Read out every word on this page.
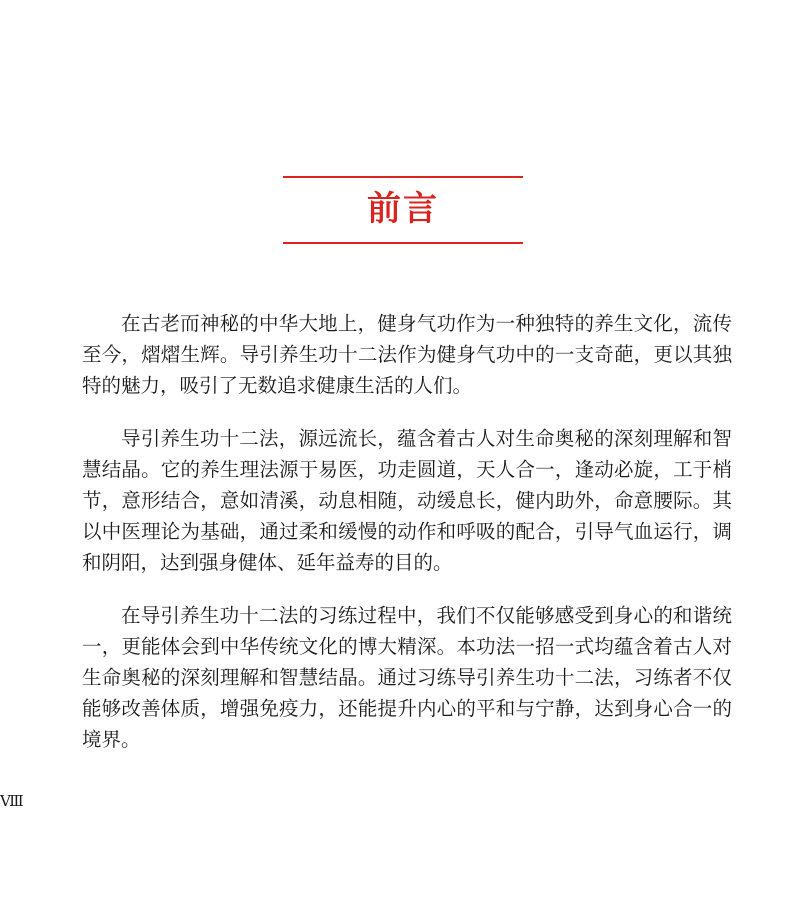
前言

在古老而神秘的中华大地上，健身气功作为一种独特的养生文化，流传至今，熠熠生辉。导引养生功十二法作为健身气功中的一支奇葩，更以其独特的魅力，吸引了无数追求健康生活的人们。

导引养生功十二法，源远流长，蕴含着古人对生命奥秘的深刻理解和智慧结晶。它的养生理法源于易医，功走圆道，天人合一，逢动必旋，工于梢节，意形结合，意如清溪，动息相随，动缓息长，健内助外，命意腰际。其以中医理论为基础，通过柔和缓慢的动作和呼吸的配合，引导气血运行，调和阴阳，达到强身健体、延年益寿的目的。

在导引养生功十二法的习练过程中，我们不仅能够感受到身心的和谐统一，更能体会到中华传统文化的博大精深。本功法一招一式均蕴含着古人对生命奥秘的深刻理解和智慧结晶。通过习练导引养生功十二法，习练者不仅能够改善体质，增强免疫力，还能提升内心的平和与宁静，达到身心合一的境界。

Ⅷ
